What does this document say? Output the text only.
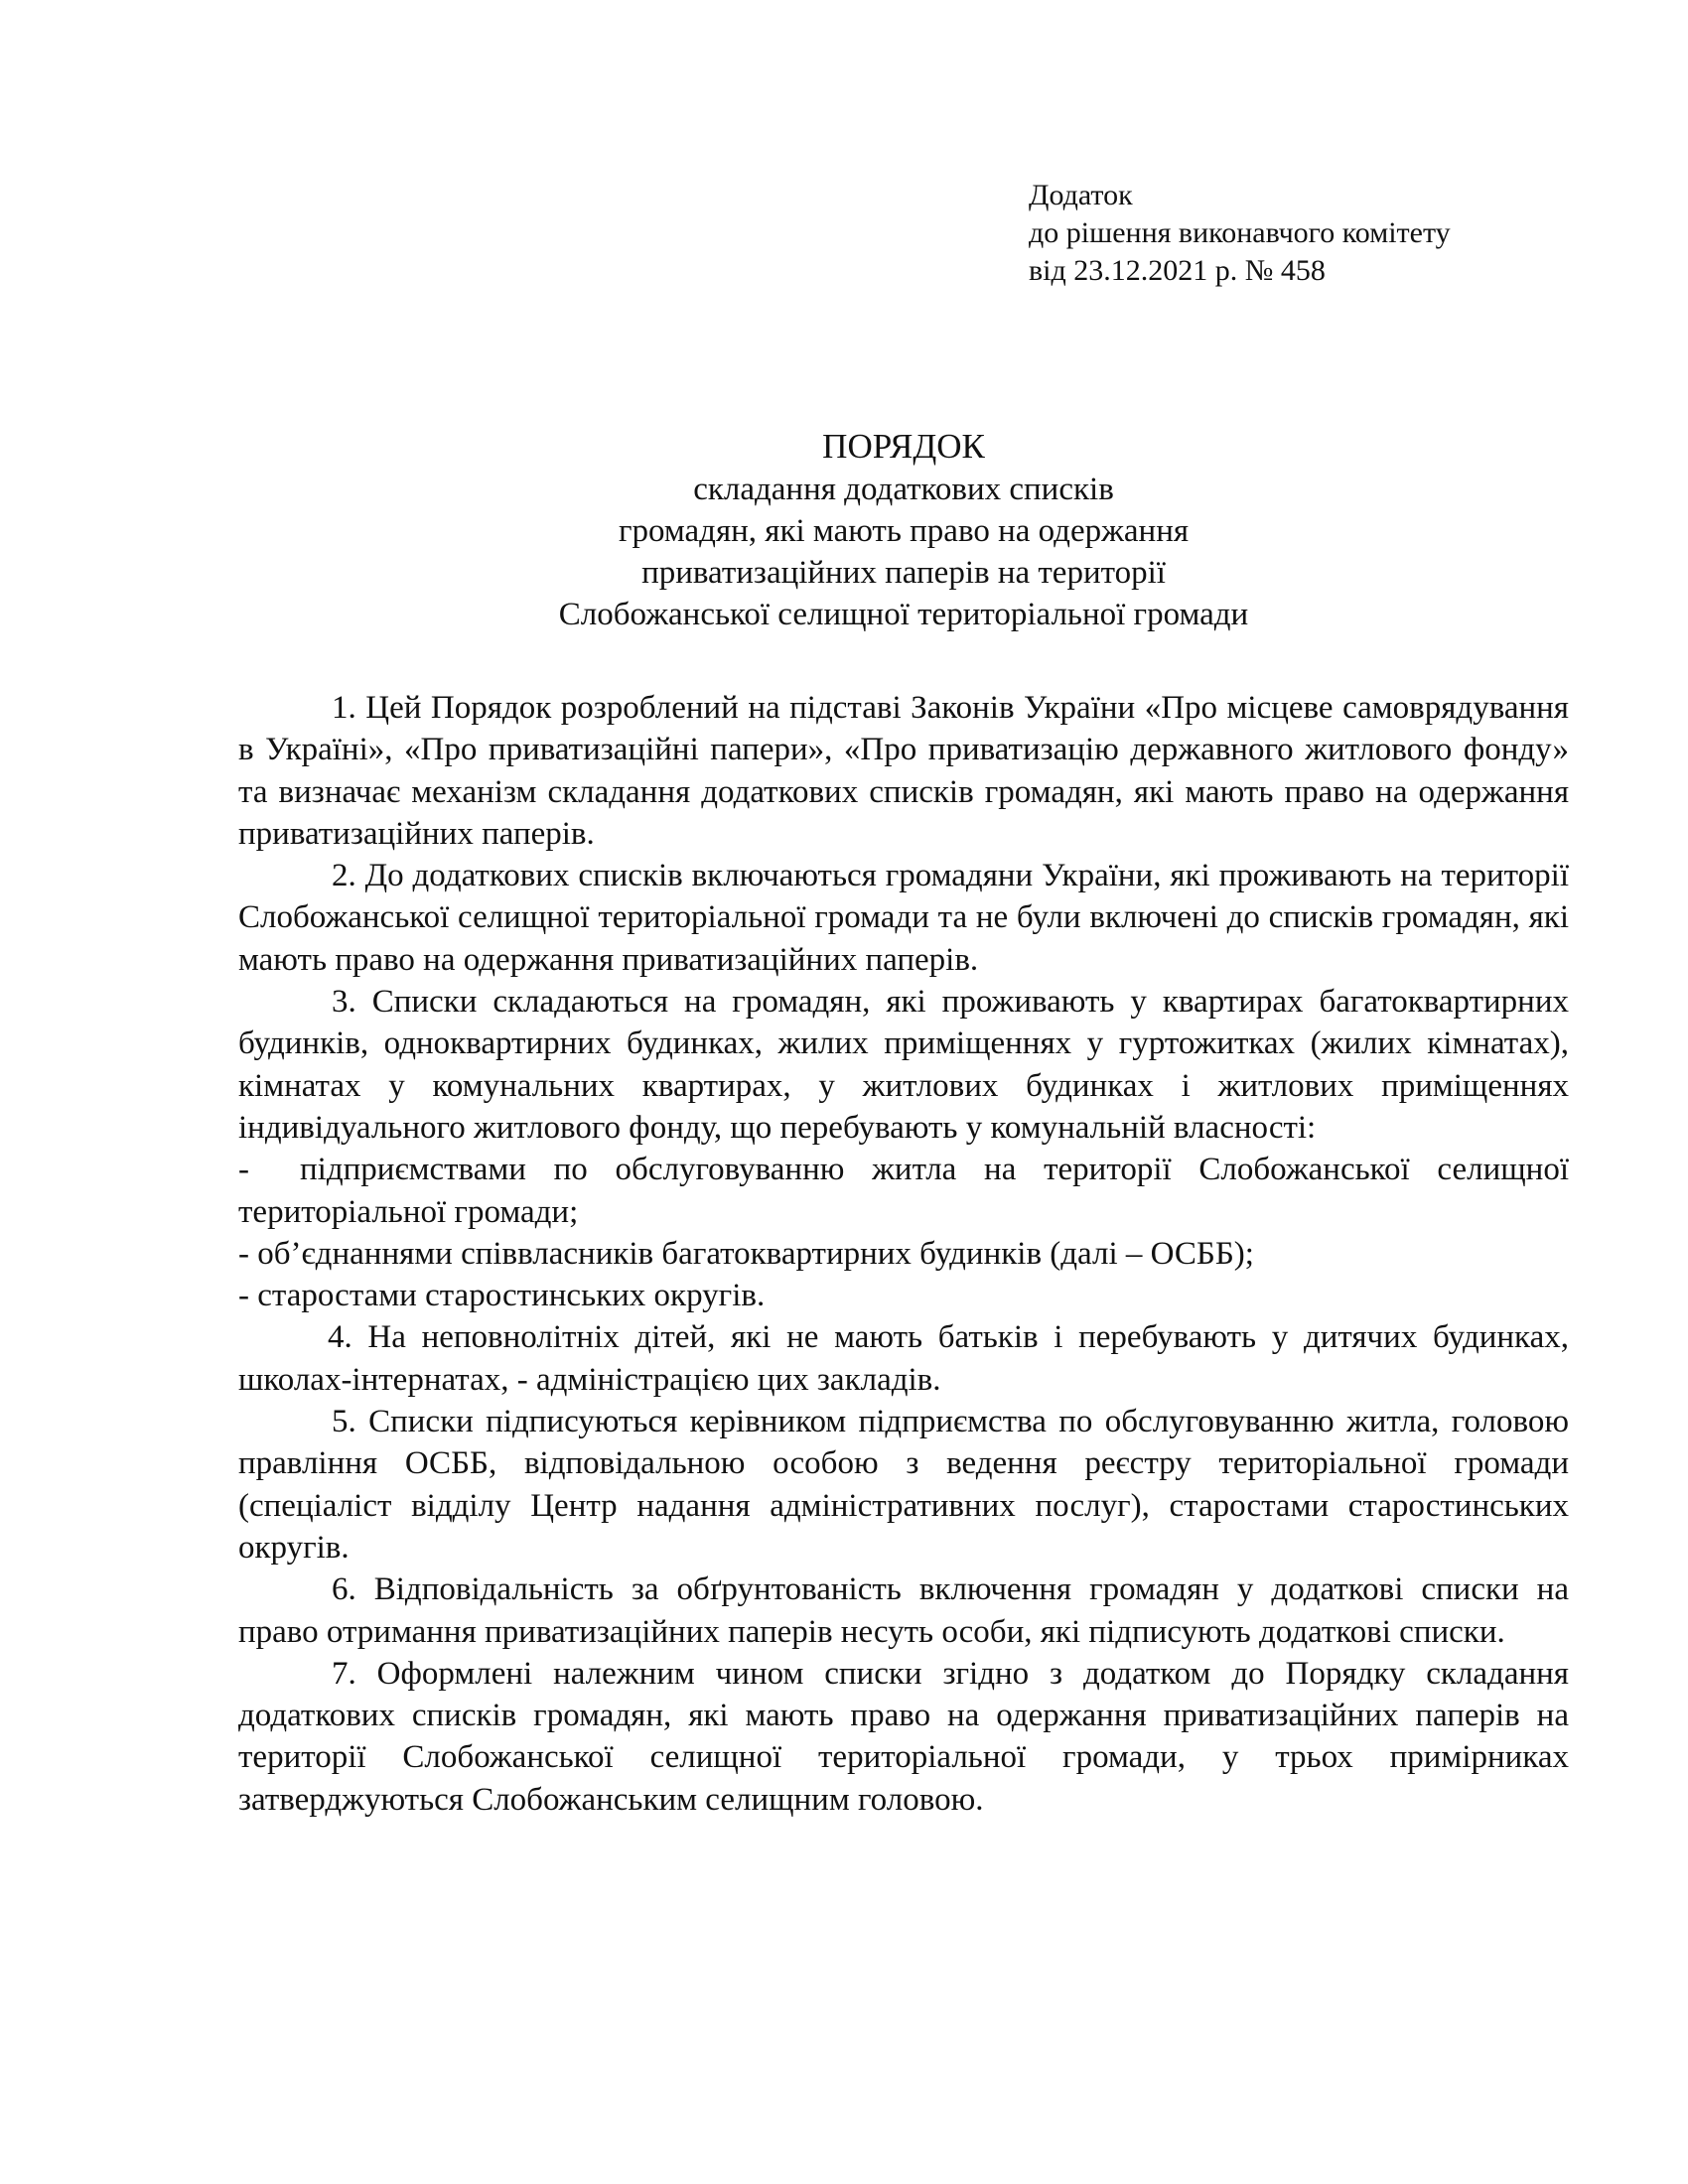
Додаток
до рішення виконавчого комітету
від 23.12.2021 р. № 458
ПОРЯДОК
складання додаткових списків
громадян, які мають право на одержання
приватизаційних паперів на території
Слобожанської селищної територіальної громади

1. Цей Порядок розроблений на підставі Законів України «Про місцеве самоврядування в Україні», «Про приватизаційні папери», «Про приватизацію державного житлового фонду» та визначає механізм складання додаткових списків громадян, які мають право на одержання приватизаційних паперів.

2. До додаткових списків включаються громадяни України, які проживають на території Слобожанської селищної територіальної громади та не були включені до списків громадян, які мають право на одержання приватизаційних паперів.

3. Списки складаються на громадян, які проживають у квартирах багатоквартирних будинків, одноквартирних будинках, жилих приміщеннях у гуртожитках (жилих кімнатах), кімнатах у комунальних квартирах, у житлових будинках і житлових приміщеннях індивідуального житлового фонду, що перебувають у комунальній власності:

- підприємствами по обслуговуванню житла на території Слобожанської селищної територіальної громади;

- об’єднаннями співвласників багатоквартирних будинків (далі – ОСББ);

- старостами старостинських округів.

4. На неповнолітніх дітей, які не мають батьків і перебувають у дитячих будинках, школах-інтернатах, - адміністрацією цих закладів.

5. Списки підписуються керівником підприємства по обслуговуванню житла, головою правління ОСББ, відповідальною особою з ведення реєстру територіальної громади (спеціаліст відділу Центр надання адміністративних послуг), старостами старостинських округів.

6. Відповідальність за обґрунтованість включення громадян у додаткові списки на право отримання приватизаційних паперів несуть особи, які підписують додаткові списки.

7. Оформлені належним чином списки згідно з додатком до Порядку складання додаткових списків громадян, які мають право на одержання приватизаційних паперів на території Слобожанської селищної територіальної громади, у трьох примірниках затверджуються Слобожанським селищним головою.
